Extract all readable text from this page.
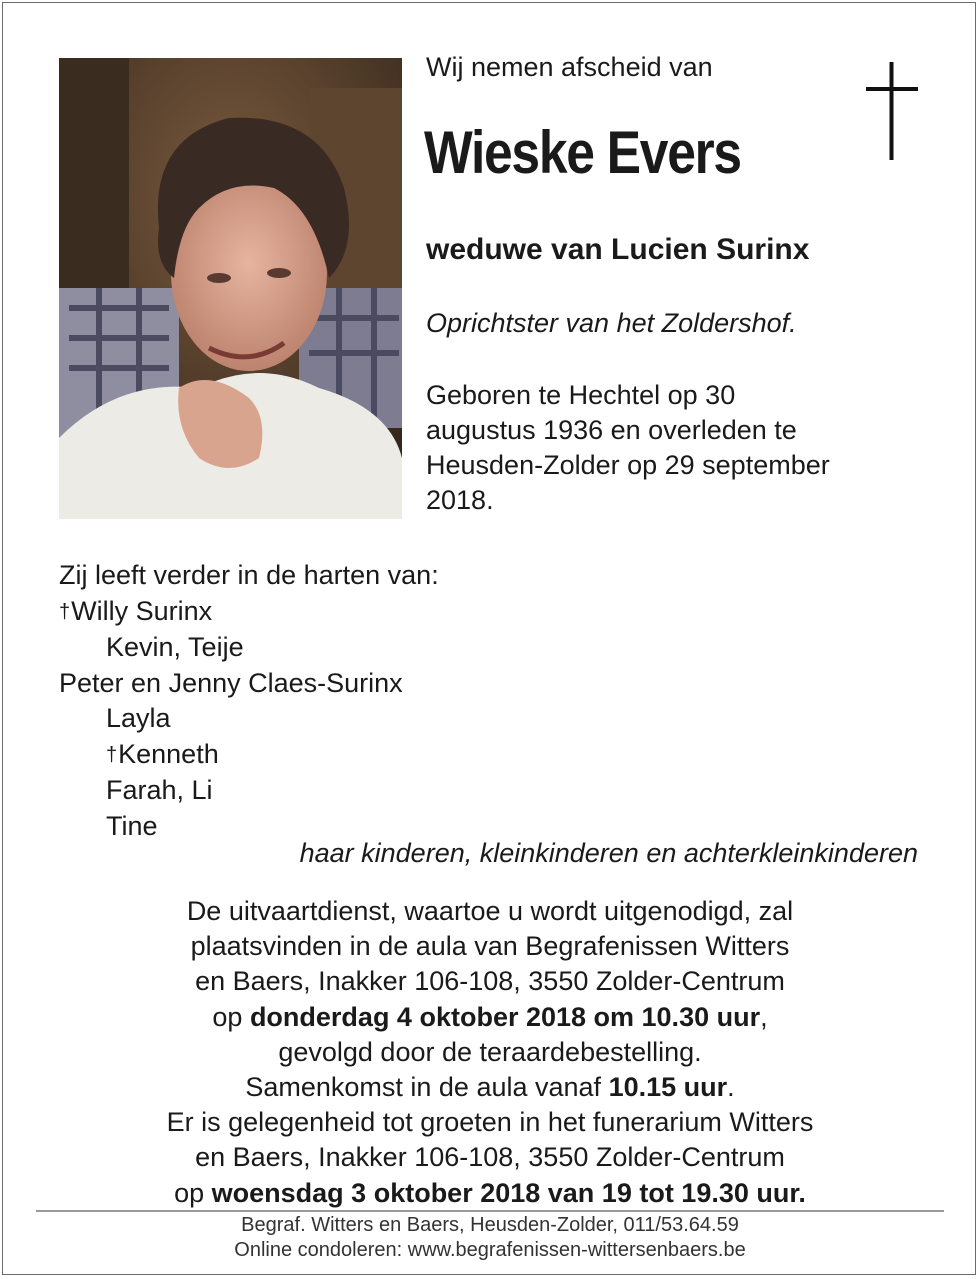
Wij nemen afscheid van
Wieske Evers
weduwe van Lucien Surinx
Oprichtster van het Zoldershof.
Geboren te Hechtel op 30
augustus 1936 en overleden te
Heusden-Zolder op 29 september
2018.
Zij leeft verder in de harten van:
†Willy Surinx
Kevin, Teije
Peter en Jenny Claes-Surinx
Layla
†Kenneth
Farah, Li
Tine
haar kinderen, kleinkinderen en achterkleinkinderen
De uitvaartdienst, waartoe u wordt uitgenodigd, zal
plaatsvinden in de aula van Begrafenissen Witters
en Baers, Inakker 106-108, 3550 Zolder-Centrum
op donderdag 4 oktober 2018 om 10.30 uur,
gevolgd door de teraardebestelling.
Samenkomst in de aula vanaf 10.15 uur.
Er is gelegenheid tot groeten in het funerarium Witters
en Baers, Inakker 106-108, 3550 Zolder-Centrum
op woensdag 3 oktober 2018 van 19 tot 19.30 uur.
Begraf. Witters en Baers, Heusden-Zolder, 011/53.64.59
Online condoleren: www.begrafenissen-wittersenbaers.be
